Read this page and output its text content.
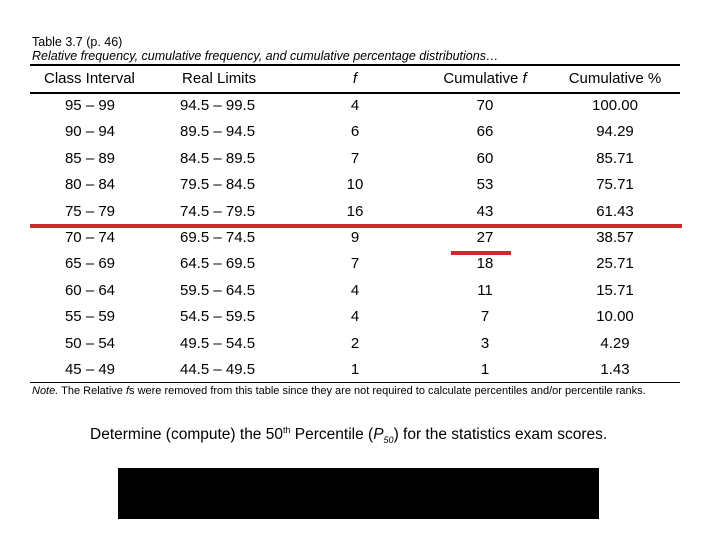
Table 3.7 (p. 46)
Relative frequency, cumulative frequency, and cumulative percentage distributions…
Class Interval	Real Limits	f	Cumulative f	Cumulative %
95 – 99	94.5 – 99.5	4	70	100.00
90 – 94	89.5 – 94.5	6	66	94.29
85 – 89	84.5 – 89.5	7	60	85.71
80 – 84	79.5 – 84.5	10	53	75.71
75 – 79	74.5 – 79.5	16	43	61.43
70 – 74	69.5 – 74.5	9	27	38.57
65 – 69	64.5 – 69.5	7	18	25.71
60 – 64	59.5 – 64.5	4	11	15.71
55 – 59	54.5 – 59.5	4	7	10.00
50 – 54	49.5 – 54.5	2	3	4.29
45 – 49	44.5 – 49.5	1	1	1.43
Note. The Relative fs were removed from this table since they are not required to calculate percentiles and/or percentile ranks.
Determine (compute) the 50th Percentile $(P_{50})$ for the statistics exam scores.
